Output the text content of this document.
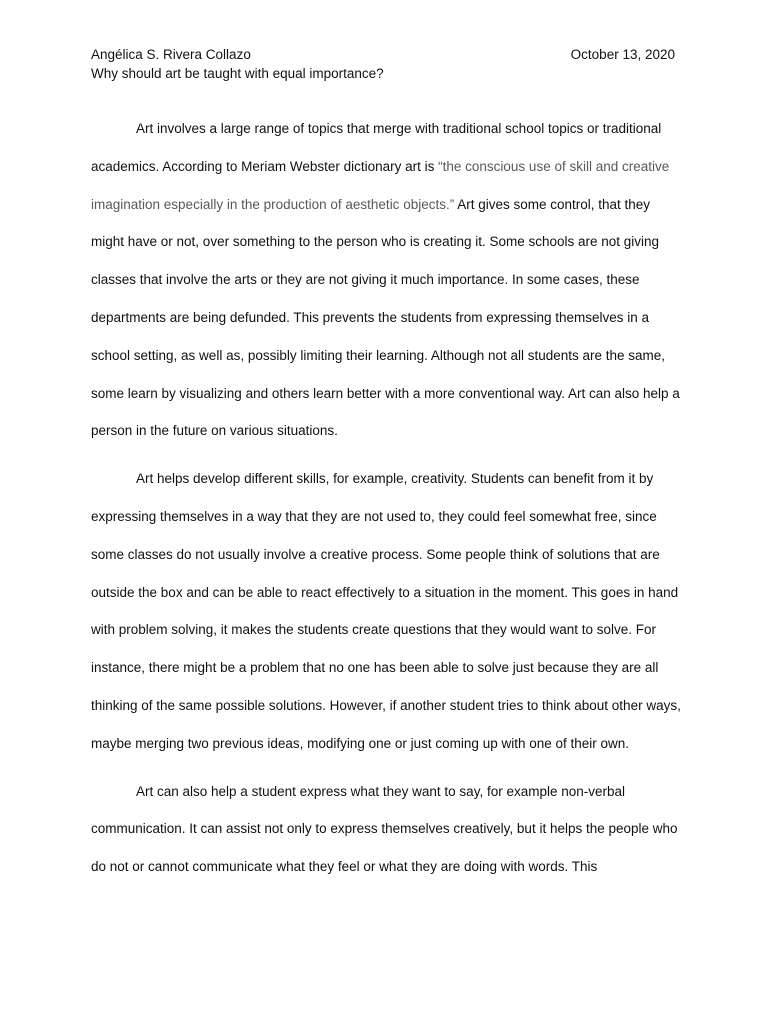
Angélica S. Rivera Collazo	October 13, 2020
Why should art be taught with equal importance?

Art involves a large range of topics that merge with traditional school topics or traditional academics. According to Meriam Webster dictionary art is “the conscious use of skill and creative imagination especially in the production of aesthetic objects.” Art gives some control, that they might have or not, over something to the person who is creating it. Some schools are not giving classes that involve the arts or they are not giving it much importance. In some cases, these departments are being defunded. This prevents the students from expressing themselves in a school setting, as well as, possibly limiting their learning. Although not all students are the same, some learn by visualizing and others learn better with a more conventional way. Art can also help a person in the future on various situations.

Art helps develop different skills, for example, creativity. Students can benefit from it by expressing themselves in a way that they are not used to, they could feel somewhat free, since some classes do not usually involve a creative process. Some people think of solutions that are outside the box and can be able to react effectively to a situation in the moment. This goes in hand with problem solving, it makes the students create questions that they would want to solve. For instance, there might be a problem that no one has been able to solve just because they are all thinking of the same possible solutions. However, if another student tries to think about other ways, maybe merging two previous ideas, modifying one or just coming up with one of their own.

Art can also help a student express what they want to say, for example non-verbal communication. It can assist not only to express themselves creatively, but it helps the people who do not or cannot communicate what they feel or what they are doing with words. This
